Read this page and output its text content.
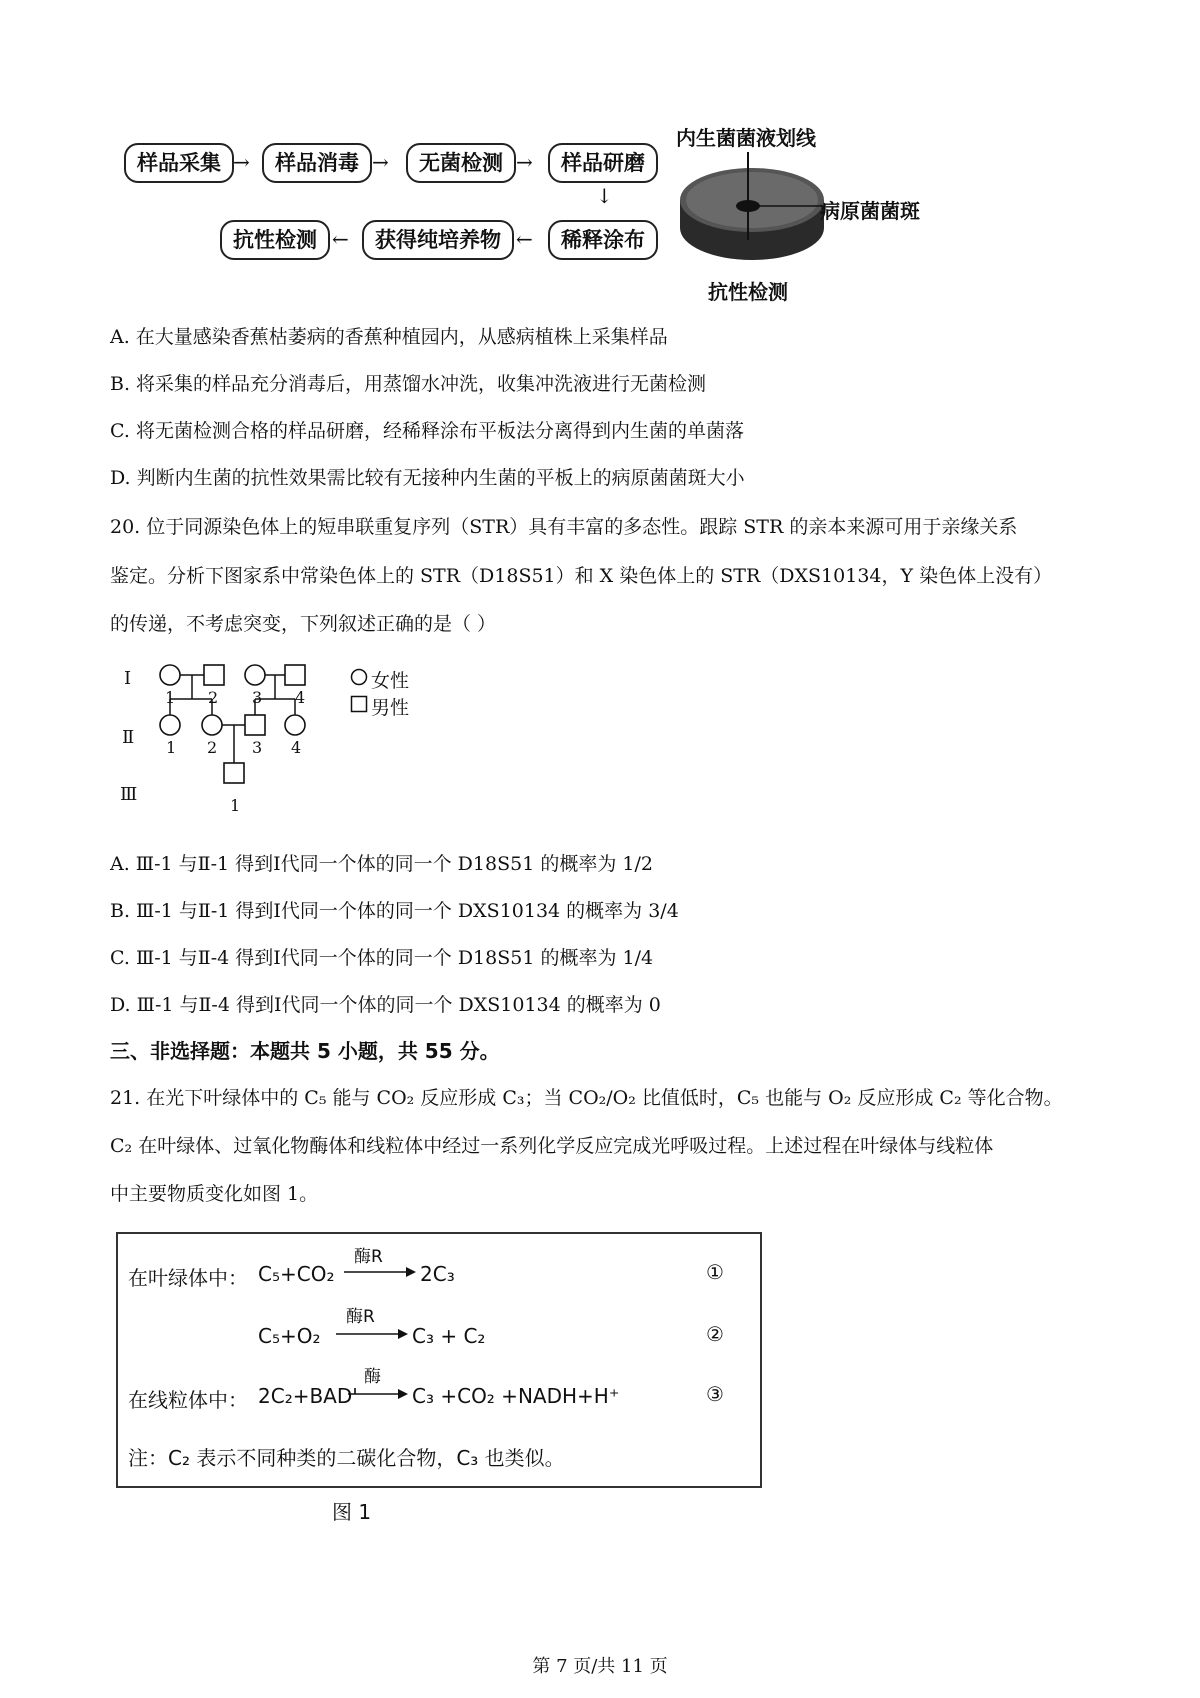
样品采集 →	样品消毒 →	无菌检测 →	样品研磨
↓
稀释涂布
←
获得纯培养物
←
抗性检测
内生菌菌液划线
病原菌菌斑
抗性检测
A. 在大量感染香蕉枯萎病的香蕉种植园内，从感病植株上采集样品
B. 将采集的样品充分消毒后，用蒸馏水冲洗，收集冲洗液进行无菌检测
C. 将无菌检测合格的样品研磨，经稀释涂布平板法分离得到内生菌的单菌落
D. 判断内生菌的抗性效果需比较有无接种内生菌的平板上的病原菌菌斑大小
20. 位于同源染色体上的短串联重复序列（STR）具有丰富的多态性。跟踪 STR 的亲本来源可用于亲缘关系
鉴定。分析下图家系中常染色体上的 STR（D18S51）和 X 染色体上的 STR（DXS10134，Y 染色体上没有）
的传递，不考虑突变，下列叙述正确的是（ ）
Ⅰ
Ⅱ
Ⅲ
1 2 3 4
1 2 3 4
1
女性
男性
A. Ⅲ-1 与Ⅱ-1 得到Ⅰ代同一个体的同一个 D18S51 的概率为 1/2
B. Ⅲ-1 与Ⅱ-1 得到Ⅰ代同一个体的同一个 DXS10134 的概率为 3/4
C. Ⅲ-1 与Ⅱ-4 得到Ⅰ代同一个体的同一个 D18S51 的概率为 1/4
D. Ⅲ-1 与Ⅱ-4 得到Ⅰ代同一个体的同一个 DXS10134 的概率为 0
三、非选择题：本题共 5 小题，共 55 分。
21. 在光下叶绿体中的 C₅ 能与 CO₂ 反应形成 C₃；当 CO₂/O₂ 比值低时，C₅ 也能与 O₂ 反应形成 C₂ 等化合物。
C₂ 在叶绿体、过氧化物酶体和线粒体中经过一系列化学反应完成光呼吸过程。上述过程在叶绿体与线粒体
中主要物质变化如图 1。
在叶绿体中： C₅+CO₂
酶R
2C₃	①
C₅+O₂
酶R
C₃ + C₂	②
在线粒体中： 2C₂+BAD'
酶
→ C₃ +CO₂ +NADH+H⁺	③
注：C₂ 表示不同种类的二碳化合物，C₃ 也类似。
图 1
第 7 页/共 11 页
